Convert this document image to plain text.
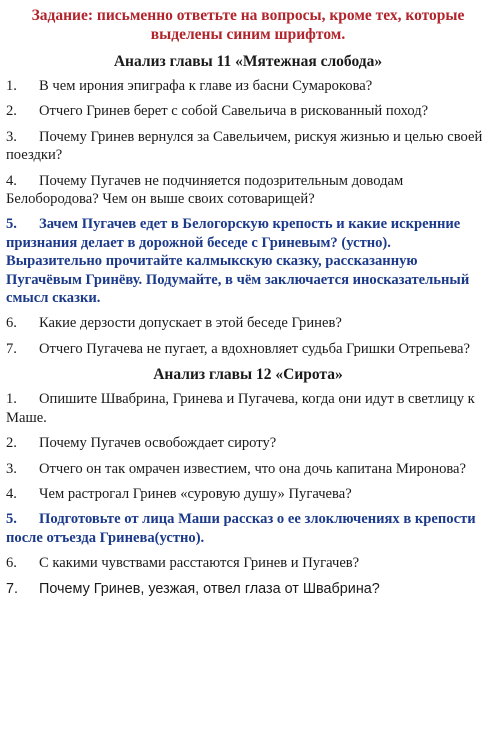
Задание: письменно ответьте на вопросы, кроме тех, которые выделены синим шрифтом.
Анализ главы 11 «Мятежная слобода»
1. В чем ирония эпиграфа к главе из басни Сумарокова?
2. Отчего Гринев берет с собой Савельича в рискованный поход?
3. Почему Гринев вернулся за Савельичем, рискуя жизнью и целью своей поездки?
4. Почему Пугачев не подчиняется подозрительным доводам Белобородова? Чем он выше своих сотоварищей?
5. Зачем Пугачев едет в Белогорскую крепость и какие искренние признания делает в дорожной беседе с Гриневым? (устно). Выразительно прочитайте калмыкскую сказку, рассказанную Пугачёвым Гринёву. Подумайте, в чём заключается иносказательный смысл сказки.
6. Какие дерзости допускает в этой беседе Гринев?
7. Отчего Пугачева не пугает, а вдохновляет судьба Гришки Отрепьева?
Анализ главы 12 «Сирота»
1. Опишите Швабрина, Гринева и Пугачева, когда они идут в светлицу к Маше.
2. Почему Пугачев освобождает сироту?
3. Отчего он так омрачен известием, что она дочь капитана Миронова?
4. Чем растрогал Гринев «суровую душу» Пугачева?
5. Подготовьте от лица Маши рассказ о ее злоключениях в крепости после отъезда Гринева(устно).
6. С какими чувствами расстаются Гринев и Пугачев?
7. Почему Гринев, уезжая, отвел глаза от Швабрина?
